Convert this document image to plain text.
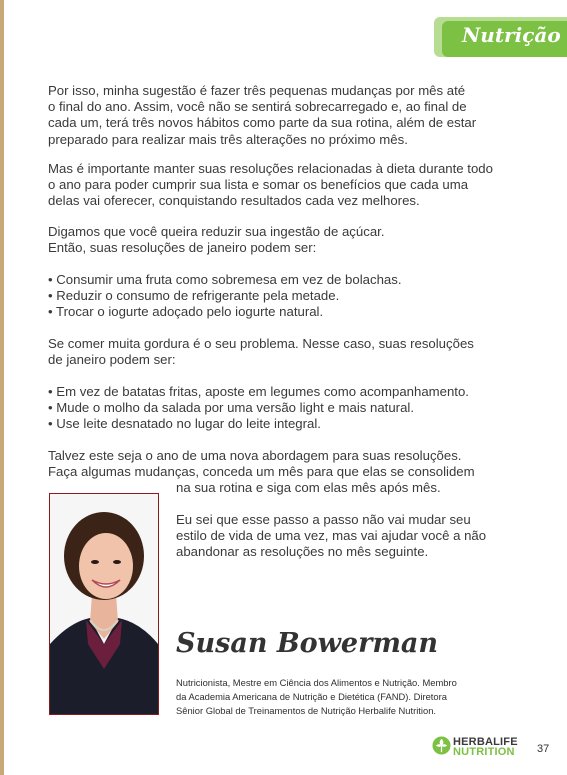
Nutrição

Por isso, minha sugestão é fazer três pequenas mudanças por mês até
o final do ano. Assim, você não se sentirá sobrecarregado e, ao final de
cada um, terá três novos hábitos como parte da sua rotina, além de estar
preparado para realizar mais três alterações no próximo mês.

Mas é importante manter suas resoluções relacionadas à dieta durante todo
o ano para poder cumprir sua lista e somar os benefícios que cada uma
delas vai oferecer, conquistando resultados cada vez melhores.

Digamos que você queira reduzir sua ingestão de açúcar.
Então, suas resoluções de janeiro podem ser:

• Consumir uma fruta como sobremesa em vez de bolachas.
• Reduzir o consumo de refrigerante pela metade.
• Trocar o iogurte adoçado pelo iogurte natural.

Se comer muita gordura é o seu problema. Nesse caso, suas resoluções
de janeiro podem ser:

• Em vez de batatas fritas, aposte em legumes como acompanhamento.
• Mude o molho da salada por uma versão light e mais natural.
• Use leite desnatado no lugar do leite integral.

Talvez este seja o ano de uma nova abordagem para suas resoluções.
Faça algumas mudanças, conceda um mês para que elas se consolidem
na sua rotina e siga com elas mês após mês.

Eu sei que esse passo a passo não vai mudar seu
estilo de vida de uma vez, mas vai ajudar você a não
abandonar as resoluções no mês seguinte.

Susan Bowerman
Nutricionista, Mestre em Ciência dos Alimentos e Nutrição. Membro
da Academia Americana de Nutrição e Dietética (FAND). Diretora
Sênior Global de Treinamentos de Nutrição Herbalife Nutrition.
HERBALIFE
NUTRITION 37
